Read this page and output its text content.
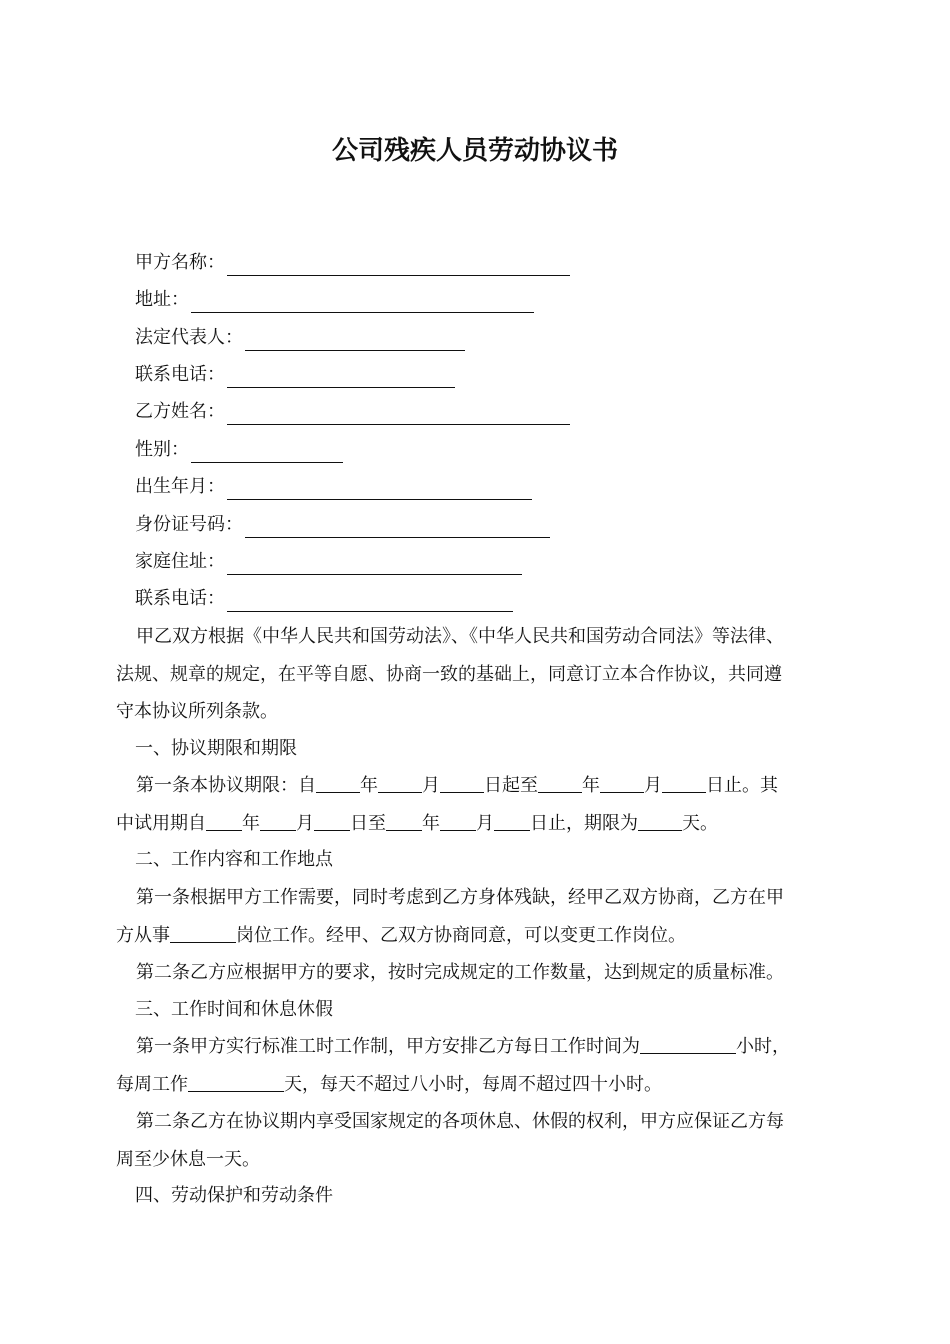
公司残疾人员劳动协议书
甲方名称：
地址：
法定代表人：
联系电话：
乙方姓名：
性别：
出生年月：
身份证号码：
家庭住址：
联系电话：
甲乙双方根据《中华人民共和国劳动法》、《中华人民共和国劳动合同法》等法律、
法规、规章的规定，在平等自愿、协商一致的基础上，同意订立本合作协议，共同遵
守本协议所列条款。
一、协议期限和期限
第一条本协议期限：自 年 月 日起至 年 月 日止。其
中试用期自 年 月 日至 年 月 日止，期限为 天。
二、工作内容和工作地点
第一条根据甲方工作需要，同时考虑到乙方身体残缺，经甲乙双方协商，乙方在甲
方从事	岗位工作。经甲、乙双方协商同意，可以变更工作岗位。
第二条乙方应根据甲方的要求，按时完成规定的工作数量，达到规定的质量标准。
三、工作时间和休息休假
第一条甲方实行标准工时工作制，甲方安排乙方每日工作时间为	小时，
每周工作	天，每天不超过八小时，每周不超过四十小时。
第二条乙方在协议期内享受国家规定的各项休息、休假的权利，甲方应保证乙方每
周至少休息一天。
四、劳动保护和劳动条件
